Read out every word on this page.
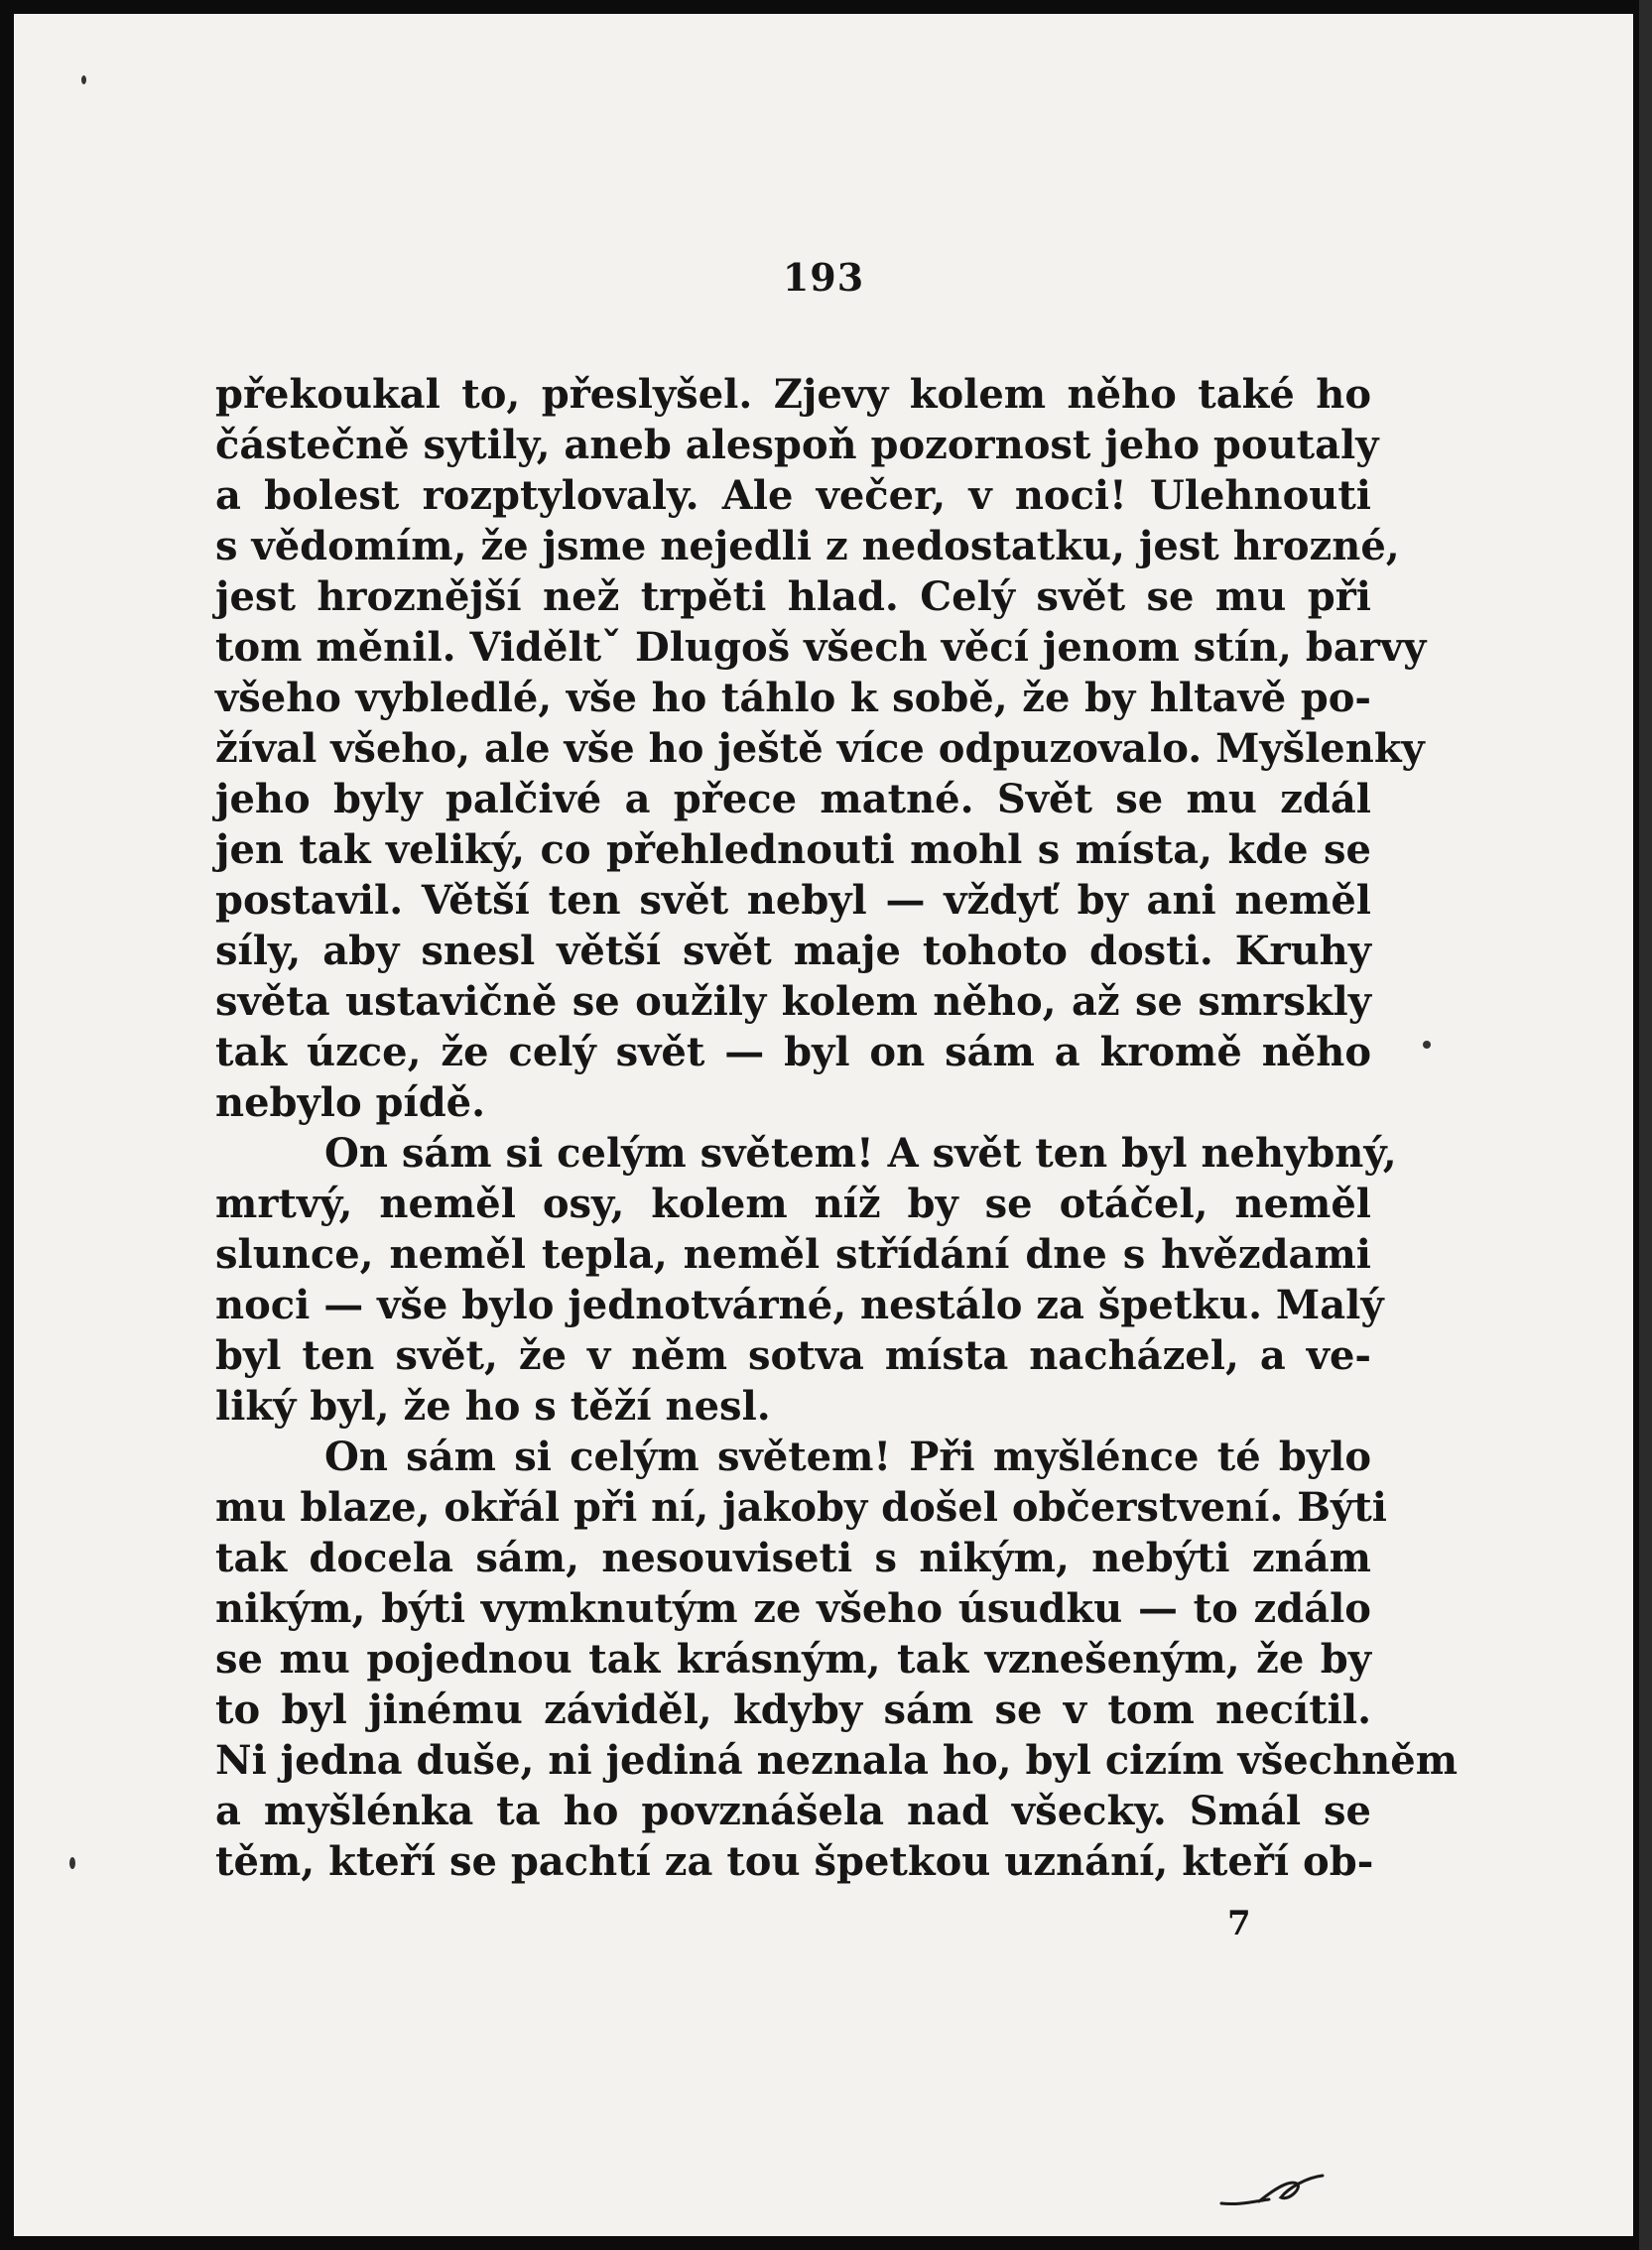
193
překoukal to, přeslyšel. Zjevy kolem něho také ho
částečně sytily, aneb alespoň pozornost jeho poutaly
a bolest rozptylovaly. Ale večer, v noci! Ulehnouti
s vědomím, že jsme nejedli z nedostatku, jest hrozné,
jest hroznější než trpěti hlad. Celý svět se mu při
tom měnil. Viděltˇ Dlugoš všech věcí jenom stín, barvy
všeho vybledlé, vše ho táhlo k sobě, že by hltavě po-
žíval všeho, ale vše ho ještě více odpuzovalo. Myšlenky
jeho byly palčivé a přece matné. Svět se mu zdál
jen tak veliký, co přehlednouti mohl s místa, kde se
postavil. Větší ten svět nebyl — vždyť by ani neměl
síly, aby snesl větší svět maje tohoto dosti. Kruhy
světa ustavičně se oužily kolem něho, až se smrskly
tak úzce, že celý svět — byl on sám a kromě něho
nebylo pídě.
On sám si celým světem! A svět ten byl nehybný,
mrtvý, neměl osy, kolem níž by se otáčel, neměl
slunce, neměl tepla, neměl střídání dne s hvězdami
noci — vše bylo jednotvárné, nestálo za špetku. Malý
byl ten svět, že v něm sotva místa nacházel, a ve-
liký byl, že ho s těží nesl.
On sám si celým světem! Při myšlénce té bylo
mu blaze, okřál při ní, jakoby došel občerstvení. Býti
tak docela sám, nesouviseti s nikým, nebýti znám
nikým, býti vymknutým ze všeho úsudku — to zdálo
se mu pojednou tak krásným, tak vznešeným, že by
to byl jinému záviděl, kdyby sám se v tom necítil.
Ni jedna duše, ni jediná neznala ho, byl cizím všechněm
a myšlénka ta ho povznášela nad všecky. Smál se
těm, kteří se pachtí za tou špetkou uznání, kteří ob-
7
